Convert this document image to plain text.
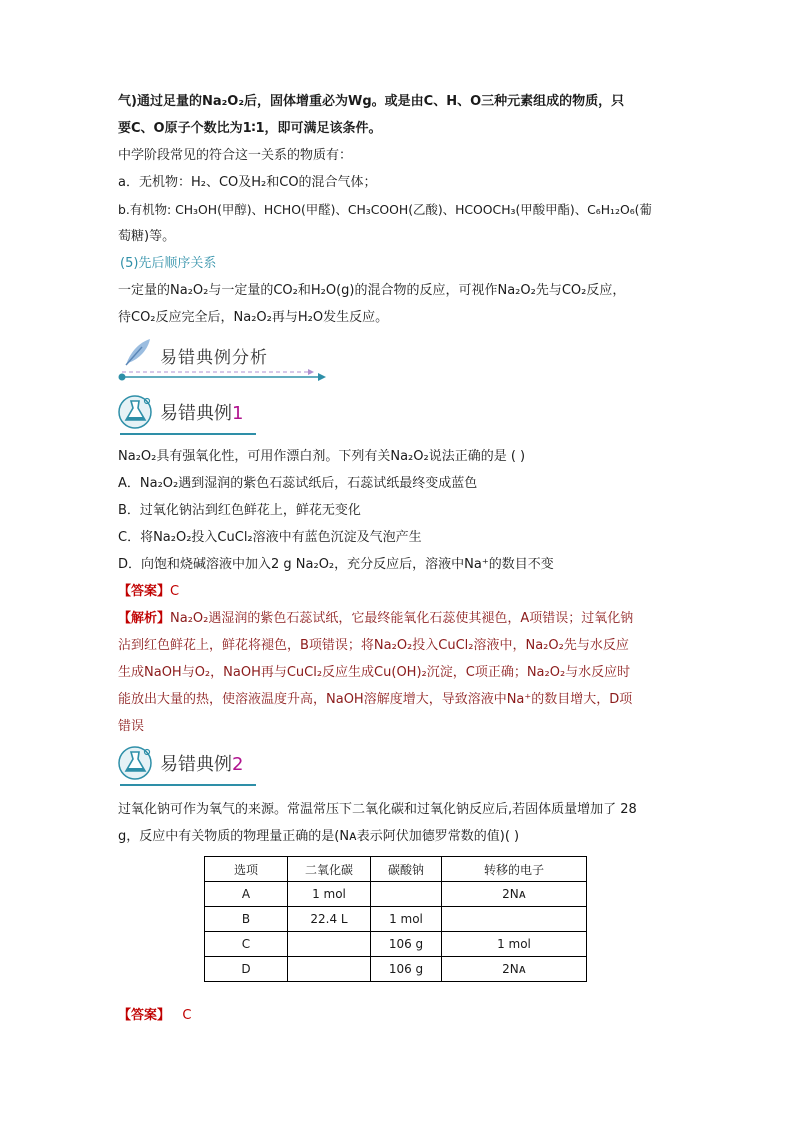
气)通过足量的Na₂O₂后，固体增重必为Wg。或是由C、H、O三种元素组成的物质，只
要C、O原子个数比为1∶1，即可满足该条件。
中学阶段常见的符合这一关系的物质有：
a．无机物：H₂、CO及H₂和CO的混合气体；
b.有机物: CH₃OH(甲醇)、HCHO(甲醛)、CH₃COOH(乙酸)、HCOOCH₃(甲酸甲酯)、C₆H₁₂O₆(葡
萄糖)等。
(5)先后顺序关系
一定量的Na₂O₂与一定量的CO₂和H₂O(g)的混合物的反应，可视作Na₂O₂先与CO₂反应，
待CO₂反应完全后，Na₂O₂再与H₂O发生反应。
易错典例分析
易错典例1
Na₂O₂具有强氧化性，可用作漂白剂。下列有关Na₂O₂说法正确的是 ( )
A．Na₂O₂遇到湿润的紫色石蕊试纸后，石蕊试纸最终变成蓝色
B．过氧化钠沾到红色鲜花上，鲜花无变化
C．将Na₂O₂投入CuCl₂溶液中有蓝色沉淀及气泡产生
D．向饱和烧碱溶液中加入2 g Na₂O₂，充分反应后，溶液中Na⁺的数目不变
【答案】C
【解析】Na₂O₂遇湿润的紫色石蕊试纸，它最终能氧化石蕊使其褪色，A项错误；过氧化钠
沾到红色鲜花上，鲜花将褪色，B项错误；将Na₂O₂投入CuCl₂溶液中，Na₂O₂先与水反应
生成NaOH与O₂，NaOH再与CuCl₂反应生成Cu(OH)₂沉淀，C项正确；Na₂O₂与水反应时
能放出大量的热，使溶液温度升高，NaOH溶解度增大，导致溶液中Na⁺的数目增大，D项
错误
易错典例2
过氧化钠可作为氧气的来源。常温常压下二氧化碳和过氧化钠反应后,若固体质量增加了 28
g，反应中有关物质的物理量正确的是(Nᴀ表示阿伏加德罗常数的值)( )
选项	二氧化碳	碳酸钠	转移的电子
A	1 mol		2Nᴀ
B	22.4 L	1 mol	
C		106 g	1 mol
D		106 g	2Nᴀ
【答案】 C
